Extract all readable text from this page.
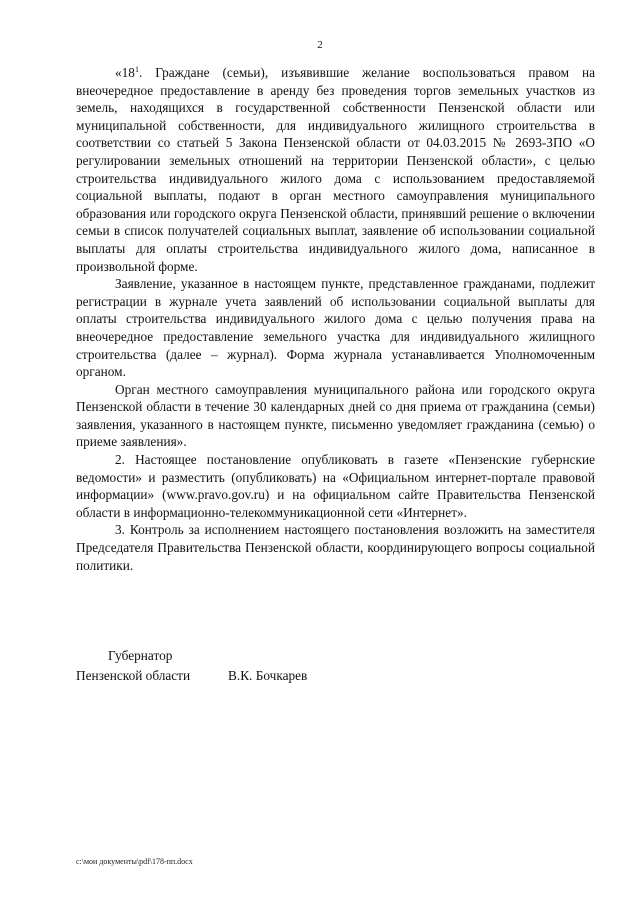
2

«$18^1$. Граждане (семьи), изъявившие желание воспользоваться правом на внеочередное предоставление в аренду без проведения торгов земельных участков из земель, находящихся в государственной собственности Пензенской области или муниципальной собственности, для индивидуального жилищного строительства в соответствии со статьей 5 Закона Пензенской области от 04.03.2015 № 2693-ЗПО «О регулировании земельных отношений на территории Пензенской области», с целью строительства индивидуального жилого дома с использованием предоставляемой социальной выплаты, подают в орган местного самоуправления муниципального образования или городского округа Пензенской области, принявший решение о включении семьи в список получателей социальных выплат, заявление об использовании социальной выплаты для оплаты строительства индивидуального жилого дома, написанное в произвольной форме.

Заявление, указанное в настоящем пункте, представленное гражданами, подлежит регистрации в журнале учета заявлений об использовании социальной выплаты для оплаты строительства индивидуального жилого дома с целью получения права на внеочередное предоставление земельного участка для индивидуального жилищного строительства (далее – журнал). Форма журнала устанавливается Уполномоченным органом.

Орган местного самоуправления муниципального района или городского округа Пензенской области в течение 30 календарных дней со дня приема от гражданина (семьи) заявления, указанного в настоящем пункте, письменно уведомляет гражданина (семью) о приеме заявления».

2. Настоящее постановление опубликовать в газете «Пензенские губернские ведомости» и разместить (опубликовать) на «Официальном интернет-портале правовой информации» (www.pravo.gov.ru) и на официальном сайте Правительства Пензенской области в информационно-телекоммуникационной сети «Интернет».

3. Контроль за исполнением настоящего постановления возложить на заместителя Председателя Правительства Пензенской области, координирующего вопросы социальной политики.

Губернатор
Пензенской области	В.К. Бочкарев
c:\мои документы\pdf\178-пп.docx
